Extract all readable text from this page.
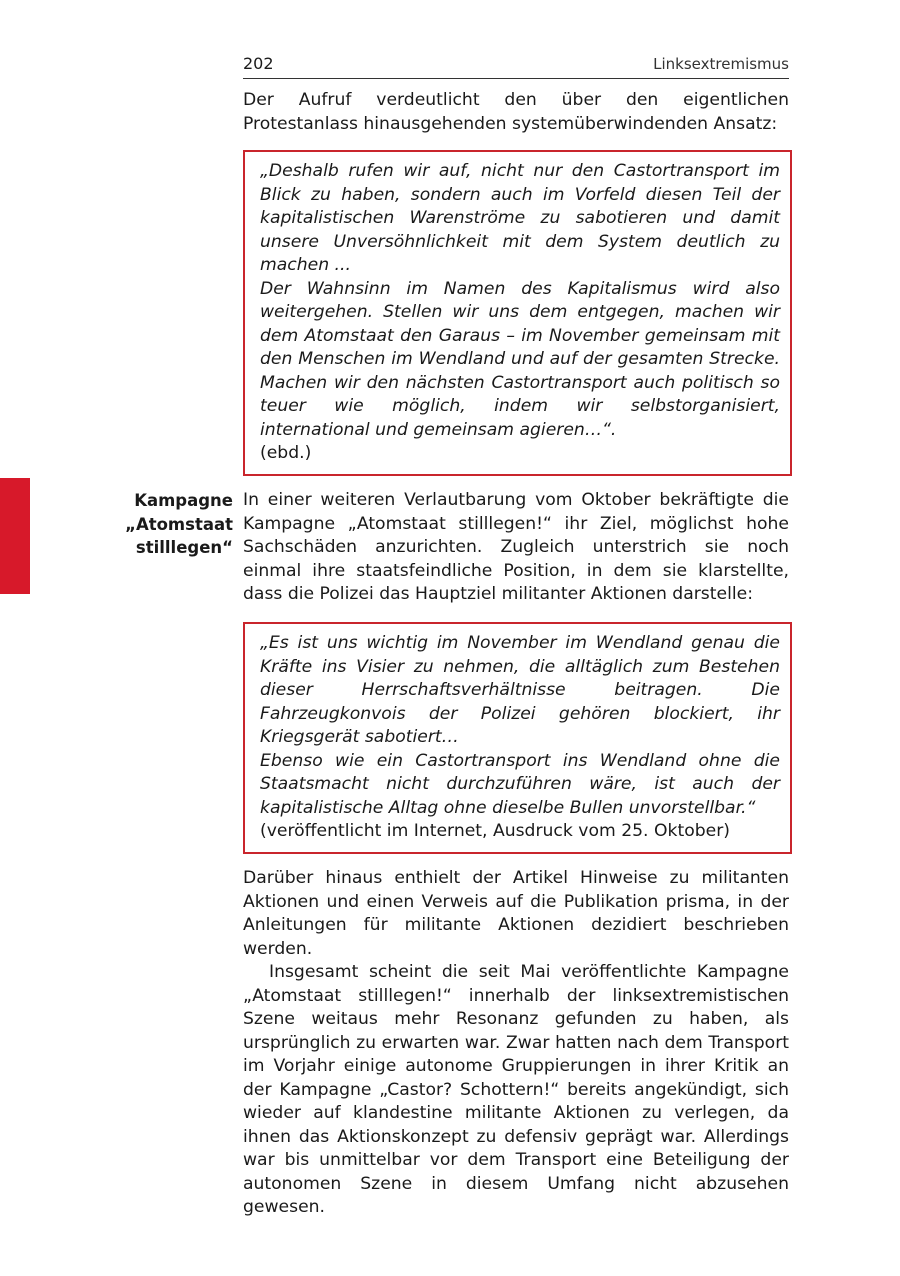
202	Linksextremismus

Der Aufruf verdeutlicht den über den eigentlichen Protestanlass hinausgehenden systemüberwindenden Ansatz:

„Deshalb rufen wir auf, nicht nur den Castortransport im Blick zu haben, sondern auch im Vorfeld diesen Teil der kapitalistischen Warenströme zu sabotieren und damit unsere Unversöhnlichkeit mit dem System deutlich zu machen ...

Der Wahnsinn im Namen des Kapitalismus wird also weitergehen. Stellen wir uns dem entgegen, machen wir dem Atomstaat den Garaus – im November gemeinsam mit den Menschen im Wendland und auf der gesamten Strecke. Machen wir den nächsten Castortransport auch politisch so teuer wie möglich, indem wir selbstorganisiert, international und gemeinsam agieren…“.

(ebd.)

Kampagne
„Atomstaat
stilllegen“

In einer weiteren Verlautbarung vom Oktober bekräftigte die Kampagne „Atomstaat stilllegen!“ ihr Ziel, möglichst hohe Sachschäden anzurichten. Zugleich unterstrich sie noch einmal ihre staatsfeindliche Position, in dem sie klarstellte, dass die Polizei das Hauptziel militanter Aktionen darstelle:

„Es ist uns wichtig im November im Wendland genau die Kräfte ins Visier zu nehmen, die alltäglich zum Bestehen dieser Herrschaftsverhältnisse beitragen. Die Fahrzeugkonvois der Polizei gehören blockiert, ihr Kriegsgerät sabotiert…

Ebenso wie ein Castortransport ins Wendland ohne die Staatsmacht nicht durchzuführen wäre, ist auch der kapitalistische Alltag ohne dieselbe Bullen unvorstellbar.“

(veröffentlicht im Internet, Ausdruck vom 25. Oktober)

Darüber hinaus enthielt der Artikel Hinweise zu militanten Aktionen und einen Verweis auf die Publikation prisma, in der Anleitungen für militante Aktionen dezidiert beschrieben werden.

Insgesamt scheint die seit Mai veröffentlichte Kampagne „Atomstaat stilllegen!“ innerhalb der linksextremistischen Szene weitaus mehr Resonanz gefunden zu haben, als ursprünglich zu erwarten war. Zwar hatten nach dem Transport im Vorjahr einige autonome Gruppierungen in ihrer Kritik an der Kampagne „Castor? Schottern!“ bereits angekündigt, sich wieder auf klandestine militante Aktionen zu verlegen, da ihnen das Aktionskonzept zu defensiv geprägt war. Allerdings war bis unmittelbar vor dem Transport eine Beteiligung der autonomen Szene in diesem Umfang nicht abzusehen gewesen.
